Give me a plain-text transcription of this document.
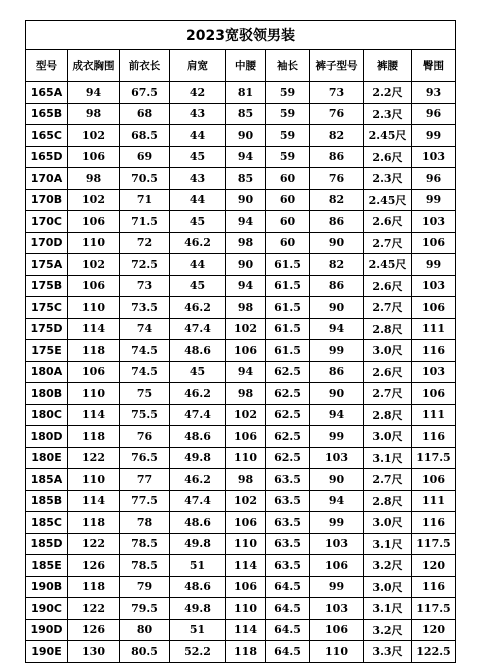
2023宽驳领男装								
型号	成衣胸围	前衣长	肩宽	中腰	袖长	裤子型号	裤腰	臀围
165A	94	67.5	42	81	59	73	2.2尺	93
165B	98	68	43	85	59	76	2.3尺	96
165C	102	68.5	44	90	59	82	2.45尺	99
165D	106	69	45	94	59	86	2.6尺	103
170A	98	70.5	43	85	60	76	2.3尺	96
170B	102	71	44	90	60	82	2.45尺	99
170C	106	71.5	45	94	60	86	2.6尺	103
170D	110	72	46.2	98	60	90	2.7尺	106
175A	102	72.5	44	90	61.5	82	2.45尺	99
175B	106	73	45	94	61.5	86	2.6尺	103
175C	110	73.5	46.2	98	61.5	90	2.7尺	106
175D	114	74	47.4	102	61.5	94	2.8尺	111
175E	118	74.5	48.6	106	61.5	99	3.0尺	116
180A	106	74.5	45	94	62.5	86	2.6尺	103
180B	110	75	46.2	98	62.5	90	2.7尺	106
180C	114	75.5	47.4	102	62.5	94	2.8尺	111
180D	118	76	48.6	106	62.5	99	3.0尺	116
180E	122	76.5	49.8	110	62.5	103	3.1尺	117.5
185A	110	77	46.2	98	63.5	90	2.7尺	106
185B	114	77.5	47.4	102	63.5	94	2.8尺	111
185C	118	78	48.6	106	63.5	99	3.0尺	116
185D	122	78.5	49.8	110	63.5	103	3.1尺	117.5
185E	126	78.5	51	114	63.5	106	3.2尺	120
190B	118	79	48.6	106	64.5	99	3.0尺	116
190C	122	79.5	49.8	110	64.5	103	3.1尺	117.5
190D	126	80	51	114	64.5	106	3.2尺	120
190E	130	80.5	52.2	118	64.5	110	3.3尺	122.5
